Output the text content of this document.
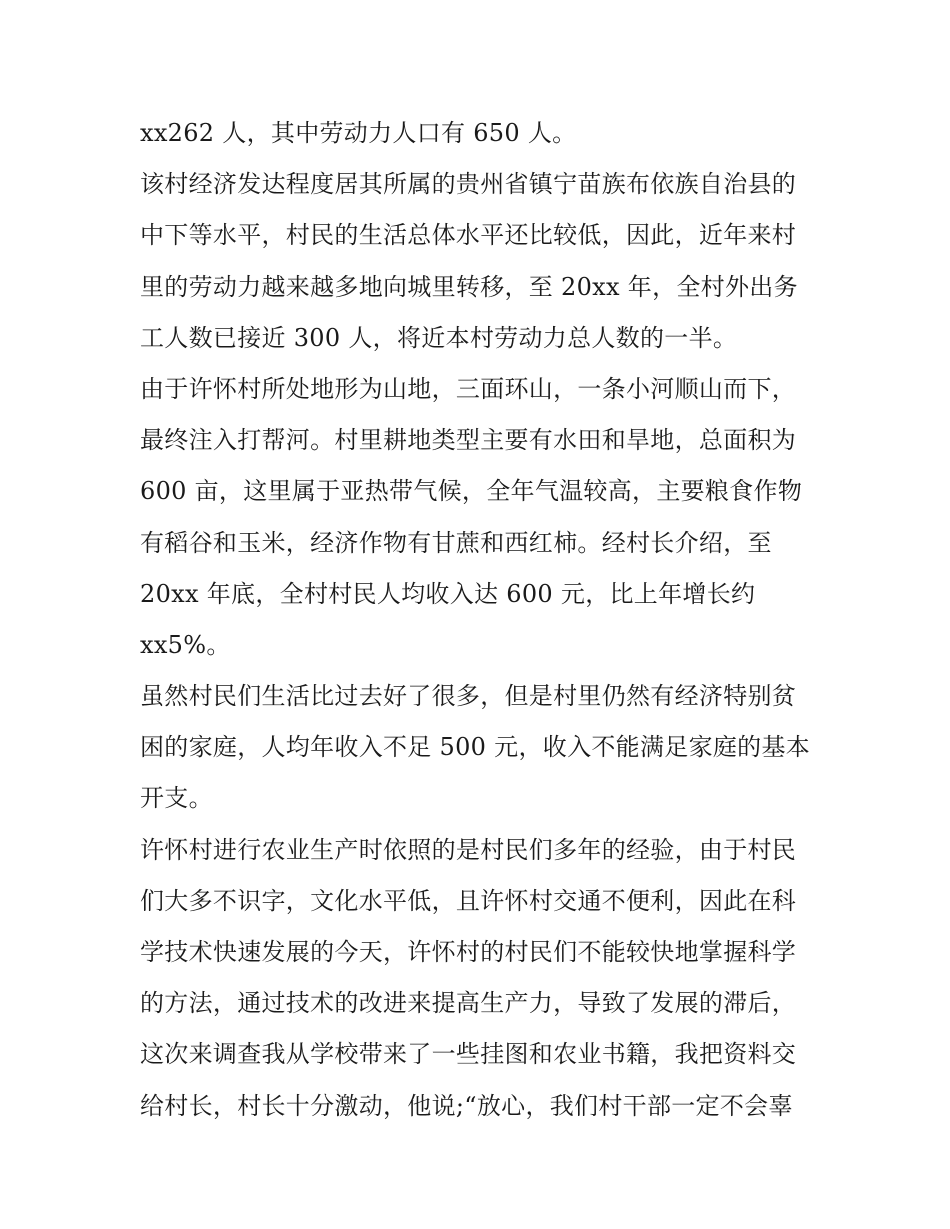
xx262 人，其中劳动力人口有 650 人。
该村经济发达程度居其所属的贵州省镇宁苗族布依族自治县的
中下等水平，村民的生活总体水平还比较低，因此，近年来村
里的劳动力越来越多地向城里转移，至 20xx 年，全村外出务
工人数已接近 300 人，将近本村劳动力总人数的一半。
由于许怀村所处地形为山地，三面环山，一条小河顺山而下，
最终注入打帮河。村里耕地类型主要有水田和旱地，总面积为
600 亩，这里属于亚热带气候，全年气温较高，主要粮食作物
有稻谷和玉米，经济作物有甘蔗和西红柿。经村长介绍，至
20xx 年底，全村村民人均收入达 600 元，比上年增长约
xx5%。
虽然村民们生活比过去好了很多，但是村里仍然有经济特别贫
困的家庭，人均年收入不足 500 元，收入不能满足家庭的基本
开支。
许怀村进行农业生产时依照的是村民们多年的经验，由于村民
们大多不识字，文化水平低，且许怀村交通不便利，因此在科
学技术快速发展的今天，许怀村的村民们不能较快地掌握科学
的方法，通过技术的改进来提高生产力，导致了发展的滞后，
这次来调查我从学校带来了一些挂图和农业书籍，我把资料交
给村长，村长十分激动，他说;“放心，我们村干部一定不会辜
